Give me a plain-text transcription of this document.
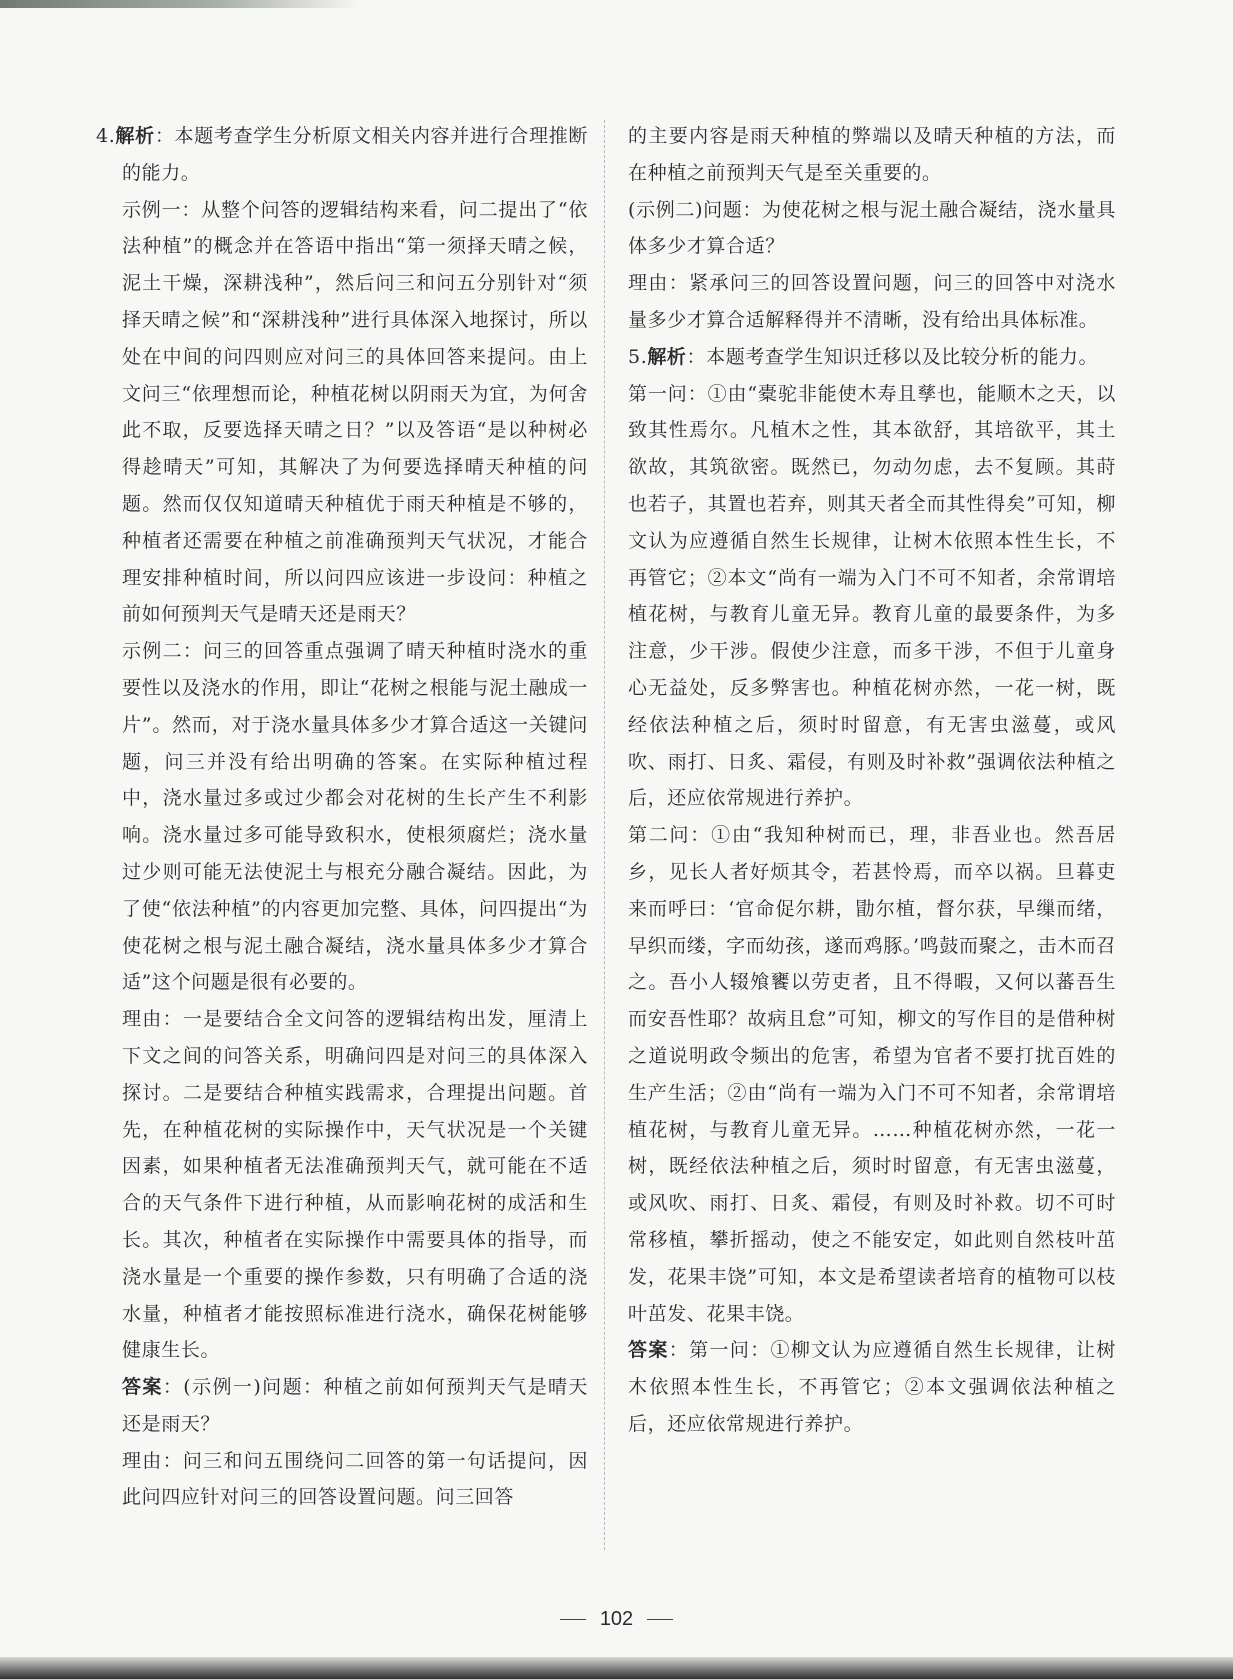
4.解析：本题考查学生分析原文相关内容并进行合理推断的能力。

示例一：从整个问答的逻辑结构来看，问二提出了“依法种植”的概念并在答语中指出“第一须择天晴之候，泥土干燥，深耕浅种”，然后问三和问五分别针对“须择天晴之候”和“深耕浅种”进行具体深入地探讨，所以处在中间的问四则应对问三的具体回答来提问。由上文问三“依理想而论，种植花树以阴雨天为宜，为何舍此不取，反要选择天晴之日？”以及答语“是以种树必得趁晴天”可知，其解决了为何要选择晴天种植的问题。然而仅仅知道晴天种植优于雨天种植是不够的，种植者还需要在种植之前准确预判天气状况，才能合理安排种植时间，所以问四应该进一步设问：种植之前如何预判天气是晴天还是雨天？

示例二：问三的回答重点强调了晴天种植时浇水的重要性以及浇水的作用，即让“花树之根能与泥土融成一片”。然而，对于浇水量具体多少才算合适这一关键问题，问三并没有给出明确的答案。在实际种植过程中，浇水量过多或过少都会对花树的生长产生不利影响。浇水量过多可能导致积水，使根须腐烂；浇水量过少则可能无法使泥土与根充分融合凝结。因此，为了使“依法种植”的内容更加完整、具体，问四提出“为使花树之根与泥土融合凝结，浇水量具体多少才算合适”这个问题是很有必要的。

理由：一是要结合全文问答的逻辑结构出发，厘清上下文之间的问答关系，明确问四是对问三的具体深入探讨。二是要结合种植实践需求，合理提出问题。首先，在种植花树的实际操作中，天气状况是一个关键因素，如果种植者无法准确预判天气，就可能在不适合的天气条件下进行种植，从而影响花树的成活和生长。其次，种植者在实际操作中需要具体的指导，而浇水量是一个重要的操作参数，只有明确了合适的浇水量，种植者才能按照标准进行浇水，确保花树能够健康生长。

答案：(示例一)问题：种植之前如何预判天气是晴天还是雨天？

理由：问三和问五围绕问二回答的第一句话提问，因此问四应针对问三的回答设置问题。问三回答

的主要内容是雨天种植的弊端以及晴天种植的方法，而在种植之前预判天气是至关重要的。

(示例二)问题：为使花树之根与泥土融合凝结，浇水量具体多少才算合适？

理由：紧承问三的回答设置问题，问三的回答中对浇水量多少才算合适解释得并不清晰，没有给出具体标准。

5.解析：本题考查学生知识迁移以及比较分析的能力。

第一问：①由“橐驼非能使木寿且孳也，能顺木之天，以致其性焉尔。凡植木之性，其本欲舒，其培欲平，其土欲故，其筑欲密。既然已，勿动勿虑，去不复顾。其莳也若子，其置也若弃，则其天者全而其性得矣”可知，柳文认为应遵循自然生长规律，让树木依照本性生长，不再管它；②本文“尚有一端为入门不可不知者，余常谓培植花树，与教育儿童无异。教育儿童的最要条件，为多注意，少干涉。假使少注意，而多干涉，不但于儿童身心无益处，反多弊害也。种植花树亦然，一花一树，既经依法种植之后，须时时留意，有无害虫滋蔓，或风吹、雨打、日炙、霜侵，有则及时补救”强调依法种植之后，还应依常规进行养护。

第二问：①由“我知种树而已，理，非吾业也。然吾居乡，见长人者好烦其令，若甚怜焉，而卒以祸。旦暮吏来而呼曰：‘官命促尔耕，勖尔植，督尔获，早缫而绪，早织而缕，字而幼孩，遂而鸡豚。’鸣鼓而聚之，击木而召之。吾小人辍飧饔以劳吏者，且不得暇，又何以蕃吾生而安吾性耶？故病且怠”可知，柳文的写作目的是借种树之道说明政令频出的危害，希望为官者不要打扰百姓的生产生活；②由“尚有一端为入门不可不知者，余常谓培植花树，与教育儿童无异。……种植花树亦然，一花一树，既经依法种植之后，须时时留意，有无害虫滋蔓，或风吹、雨打、日炙、霜侵，有则及时补救。切不可时常移植，攀折摇动，使之不能安定，如此则自然枝叶茁发，花果丰饶”可知，本文是希望读者培育的植物可以枝叶茁发、花果丰饶。

答案：第一问：①柳文认为应遵循自然生长规律，让树木依照本性生长，不再管它；②本文强调依法种植之后，还应依常规进行养护。

102
